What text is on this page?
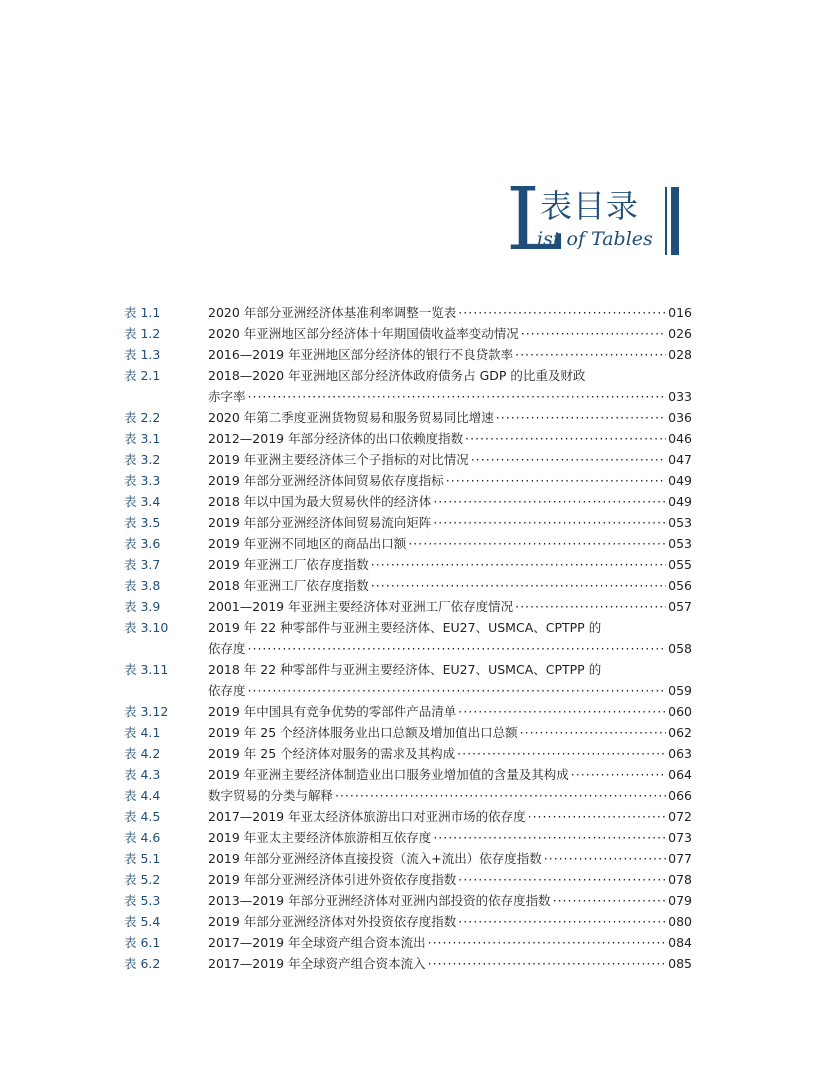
L
表目录
ist of Tables
表 1.1	2020 年部分亚洲经济体基准利率调整一览表 ·····	016
表 1.2	2020 年亚洲地区部分经济体十年期国债收益率变动情况 ·····	026
表 1.3	2016—2019 年亚洲地区部分经济体的银行不良贷款率 ·····	028
表 2.1	2018—2020 年亚洲地区部分经济体政府债务占 GDP 的比重及财政
赤字率 ·····	033
表 2.2	2020 年第二季度亚洲货物贸易和服务贸易同比增速 ·····	036
表 3.1	2012—2019 年部分经济体的出口依赖度指数 ·····	046
表 3.2	2019 年亚洲主要经济体三个子指标的对比情况 ·····	047
表 3.3	2019 年部分亚洲经济体间贸易依存度指标 ·····	049
表 3.4	2018 年以中国为最大贸易伙伴的经济体 ·····	049
表 3.5	2019 年部分亚洲经济体间贸易流向矩阵 ·····	053
表 3.6	2019 年亚洲不同地区的商品出口额 ·····	053
表 3.7	2019 年亚洲工厂依存度指数 ·····	055
表 3.8	2018 年亚洲工厂依存度指数 ·····	056
表 3.9	2001—2019 年亚洲主要经济体对亚洲工厂依存度情况 ·····	057
表 3.10	2019 年 22 种零部件与亚洲主要经济体、EU27、USMCA、CPTPP 的
依存度 ·····	058
表 3.11	2018 年 22 种零部件与亚洲主要经济体、EU27、USMCA、CPTPP 的
依存度 ·····	059
表 3.12	2019 年中国具有竞争优势的零部件产品清单 ·····	060
表 4.1	2019 年 25 个经济体服务业出口总额及增加值出口总额 ·····	062
表 4.2	2019 年 25 个经济体对服务的需求及其构成 ·····	063
表 4.3	2019 年亚洲主要经济体制造业出口服务业增加值的含量及其构成 ·····	064
表 4.4	数字贸易的分类与解释 ·····	066
表 4.5	2017—2019 年亚太经济体旅游出口对亚洲市场的依存度 ·····	072
表 4.6	2019 年亚太主要经济体旅游相互依存度 ·····	073
表 5.1	2019 年部分亚洲经济体直接投资（流入+流出）依存度指数 ·····	077
表 5.2	2019 年部分亚洲经济体引进外资依存度指数 ·····	078
表 5.3	2013—2019 年部分亚洲经济体对亚洲内部投资的依存度指数 ·····	079
表 5.4	2019 年部分亚洲经济体对外投资依存度指数 ·····	080
表 6.1	2017—2019 年全球资产组合资本流出 ·····	084
表 6.2	2017—2019 年全球资产组合资本流入 ·····	085
